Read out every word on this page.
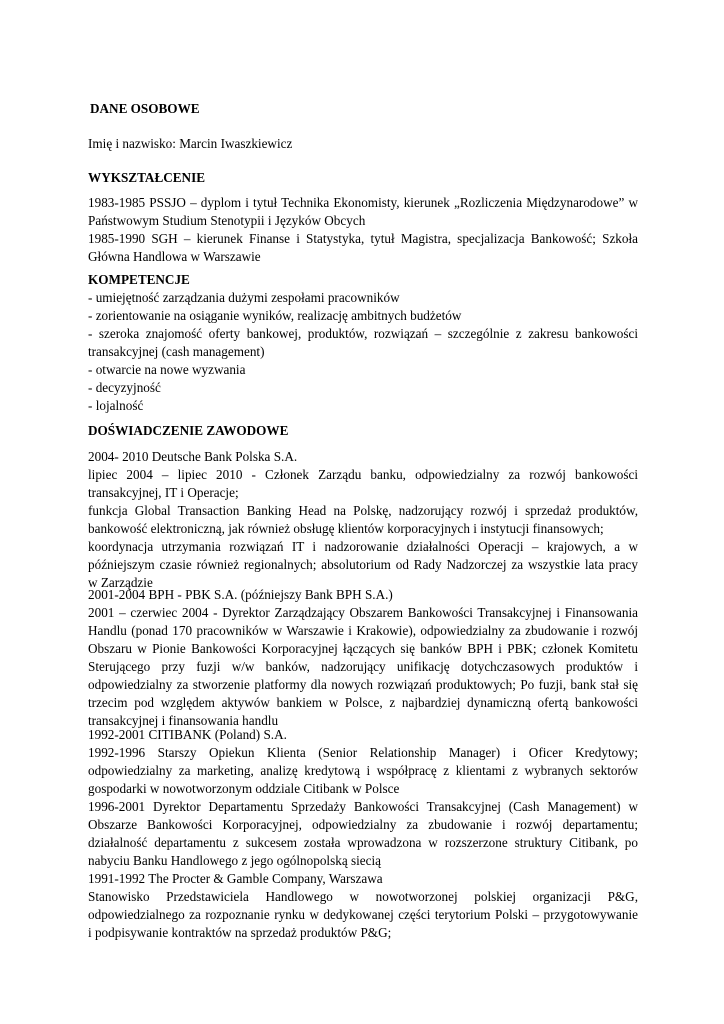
DANE OSOBOWE
Imię i nazwisko: Marcin Iwaszkiewicz
WYKSZTAŁCENIE
1983-1985 PSSJO – dyplom i tytuł Technika Ekonomisty, kierunek „Rozliczenia Międzynarodowe” w
Państwowym Studium Stenotypii i Języków Obcych
1985-1990 SGH – kierunek Finanse i Statystyka, tytuł Magistra, specjalizacja Bankowość; Szkoła
Główna Handlowa w Warszawie
KOMPETENCJE
- umiejętność zarządzania dużymi zespołami pracowników
- zorientowanie na osiąganie wyników, realizację ambitnych budżetów
- szeroka znajomość oferty bankowej, produktów, rozwiązań – szczególnie z zakresu bankowości
transakcyjnej (cash management)
- otwarcie na nowe wyzwania
- decyzyjność
- lojalność
DOŚWIADCZENIE ZAWODOWE
2004- 2010 Deutsche Bank Polska S.A.
lipiec 2004 – lipiec 2010 - Członek Zarządu banku, odpowiedzialny za rozwój bankowości
transakcyjnej, IT i Operacje;
funkcja Global Transaction Banking Head na Polskę, nadzorujący rozwój i sprzedaż produktów,
bankowość elektroniczną, jak również obsługę klientów korporacyjnych i instytucji finansowych;
koordynacja utrzymania rozwiązań IT i nadzorowanie działalności Operacji – krajowych, a w
późniejszym czasie również regionalnych; absolutorium od Rady Nadzorczej za wszystkie lata pracy
w Zarządzie
2001-2004 BPH - PBK S.A. (późniejszy Bank BPH S.A.)
2001 – czerwiec 2004 - Dyrektor Zarządzający Obszarem Bankowości Transakcyjnej i Finansowania
Handlu (ponad 170 pracowników w Warszawie i Krakowie), odpowiedzialny za zbudowanie i rozwój
Obszaru w Pionie Bankowości Korporacyjnej łączących się banków BPH i PBK; członek Komitetu
Sterującego przy fuzji w/w banków, nadzorujący unifikację dotychczasowych produktów i
odpowiedzialny za stworzenie platformy dla nowych rozwiązań produktowych; Po fuzji, bank stał się
trzecim pod względem aktywów bankiem w Polsce, z najbardziej dynamiczną ofertą bankowości
transakcyjnej i finansowania handlu
1992-2001 CITIBANK (Poland) S.A.
1992-1996 Starszy Opiekun Klienta (Senior Relationship Manager) i Oficer Kredytowy;
odpowiedzialny za marketing, analizę kredytową i współpracę z klientami z wybranych sektorów
gospodarki w nowotworzonym oddziale Citibank w Polsce
1996-2001 Dyrektor Departamentu Sprzedaży Bankowości Transakcyjnej (Cash Management) w
Obszarze Bankowości Korporacyjnej, odpowiedzialny za zbudowanie i rozwój departamentu;
działalność departamentu z sukcesem została wprowadzona w rozszerzone struktury Citibank, po
nabyciu Banku Handlowego z jego ogólnopolską siecią
1991-1992 The Procter & Gamble Company, Warszawa
Stanowisko Przedstawiciela Handlowego w nowotworzonej polskiej organizacji P&G,
odpowiedzialnego za rozpoznanie rynku w dedykowanej części terytorium Polski – przygotowywanie
i podpisywanie kontraktów na sprzedaż produktów P&G;
